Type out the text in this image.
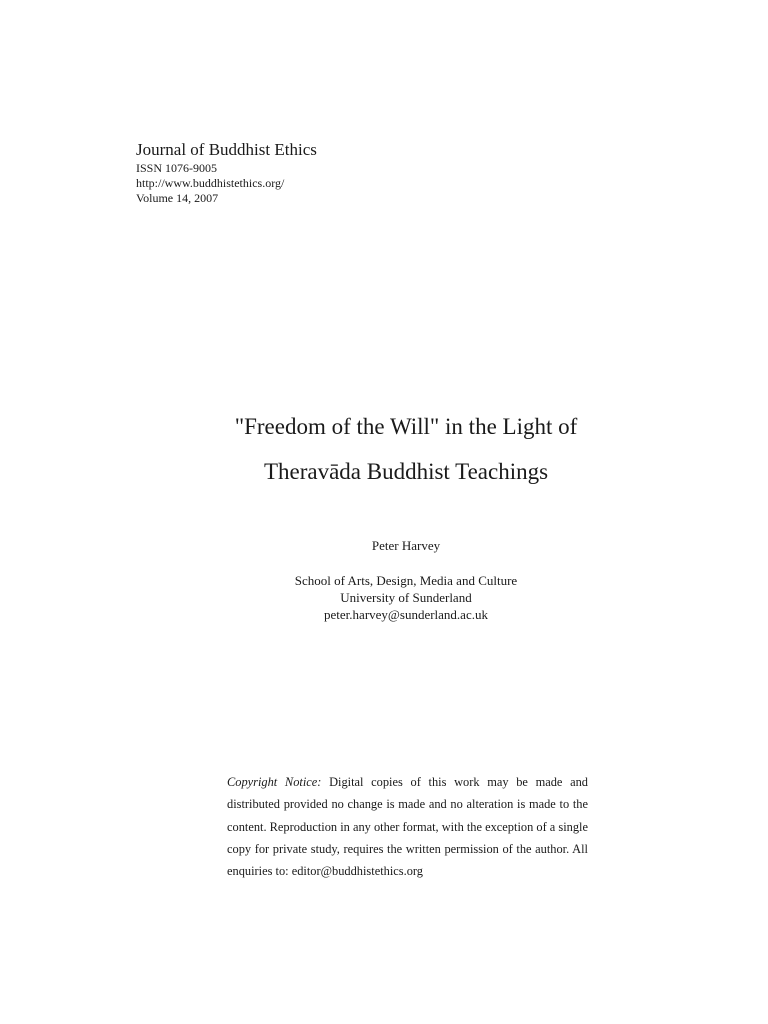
Journal of Buddhist Ethics
ISSN 1076-9005
http://www.buddhistethics.org/
Volume 14, 2007
"Freedom of the Will" in the Light of
Theravāda Buddhist Teachings
Peter Harvey
School of Arts, Design, Media and Culture
University of Sunderland
peter.harvey@sunderland.ac.uk
Copyright Notice: Digital copies of this work may be made and distributed provided no change is made and no alteration is made to the content. Reproduction in any other format, with the exception of a single copy for private study, requires the written permission of the author. All enquiries to: editor@buddhistethics.org
